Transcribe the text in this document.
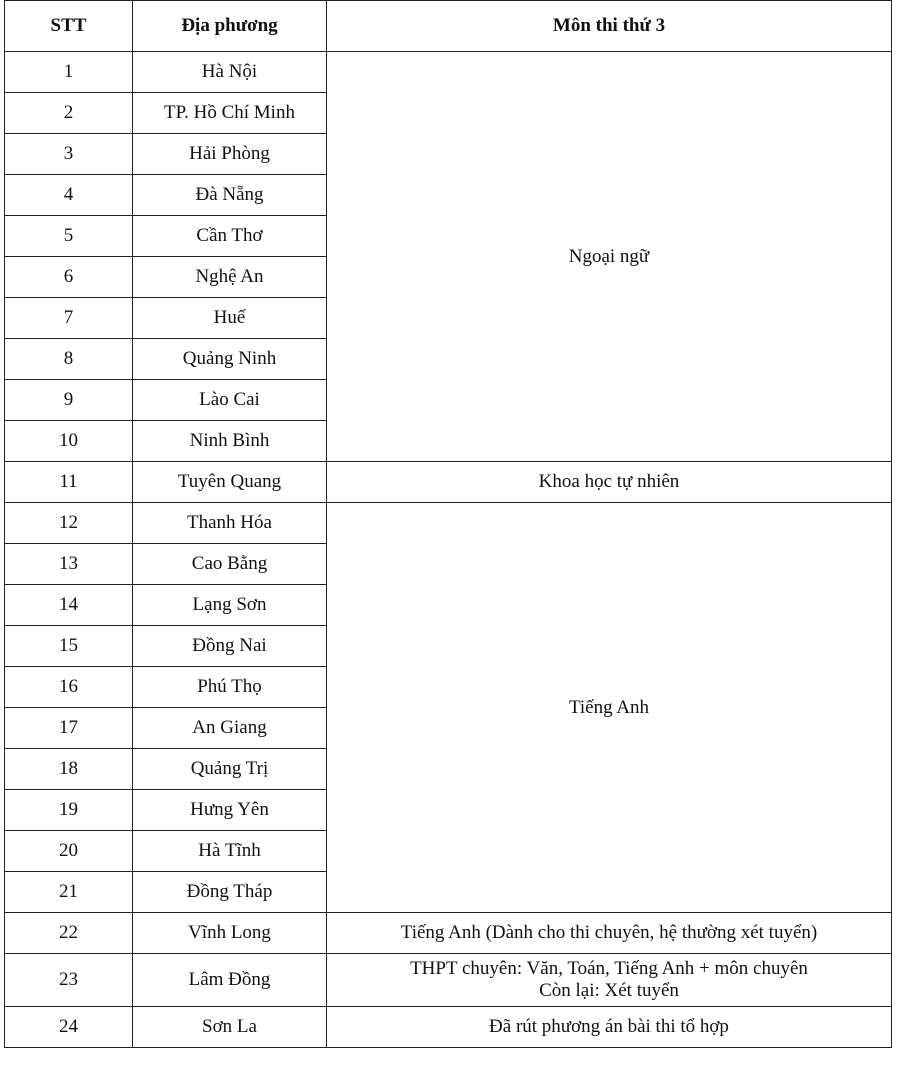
STT	Địa phương	Môn thi thứ 3
1	Hà Nội	Ngoại ngữ
2	TP. Hồ Chí Minh	
3	Hải Phòng	
4	Đà Nẵng	
5	Cần Thơ	
6	Nghệ An	
7	Huế	
8	Quảng Ninh	
9	Lào Cai	
10	Ninh Bình	
11	Tuyên Quang	Khoa học tự nhiên
12	Thanh Hóa	Tiếng Anh
13	Cao Bằng	
14	Lạng Sơn	
15	Đồng Nai	
16	Phú Thọ	
17	An Giang	
18	Quảng Trị	
19	Hưng Yên	
20	Hà Tĩnh	
21	Đồng Tháp	
22	Vĩnh Long	Tiếng Anh (Dành cho thi chuyên, hệ thường xét tuyển)
23	Lâm Đồng	THPT chuyên: Văn, Toán, Tiếng Anh + môn chuyên
Còn lại: Xét tuyển

24	Sơn La	Đã rút phương án bài thi tổ hợp
